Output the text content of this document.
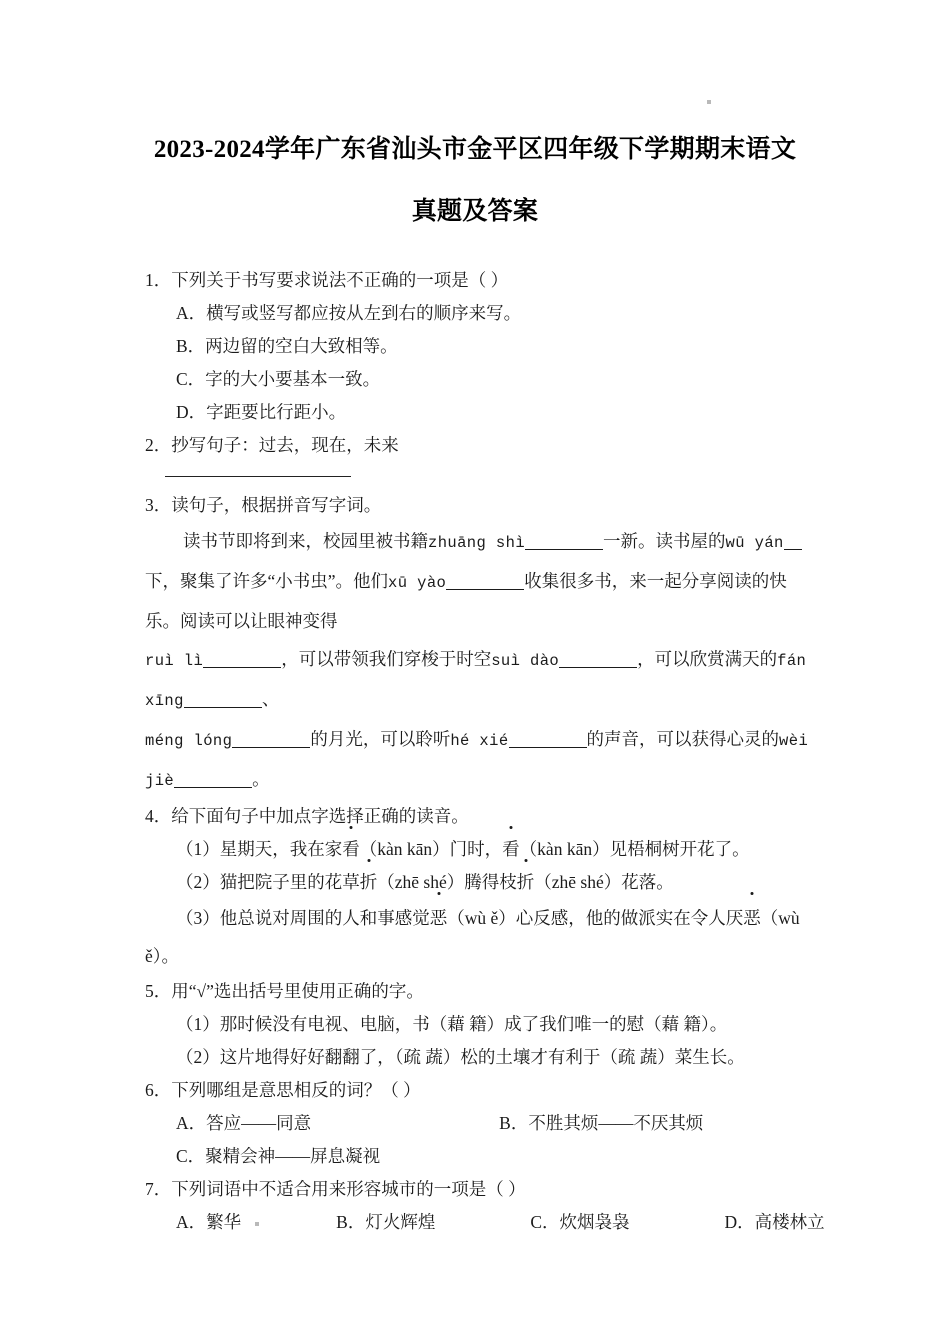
2023-2024学年广东省汕头市金平区四年级下学期期末语文
真题及答案
1．下列关于书写要求说法不正确的一项是（ ）
A．横写或竖写都应按从左到右的顺序来写。
B．两边留的空白大致相等。
C．字的大小要基本一致。
D．字距要比行距小。
2．抄写句子：过去，现在，未来
3．读句子，根据拼音写字词。
读书节即将到来，校园里被书籍zhuāng shì	一新。读书屋的wū yán
下，聚集了许多“小书虫”。他们xū yào	收集很多书，来一起分享阅读的快
乐。阅读可以让眼神变得
ruì lì	，可以带领我们穿梭于时空suì dào	，可以欣赏满天的fán
xīng	、
méng lóng	的月光，可以聆听hé xié	的声音，可以获得心灵的wèi
jiè	。
4．给下面句子中加点字选择正确的读音。
（1）星期天，我在家看（kàn kān）门时，看（kàn kān）见梧桐树开花了。
（2）猫把院子里的花草折（zhē shé）腾得枝折（zhē shé）花落。
（3）他总说对周围的人和事感觉恶（wù ě）心反感，他的做派实在令人厌恶（wù
ě）。
5．用“√”选出括号里使用正确的字。
（1）那时候没有电视、电脑，书（藉 籍）成了我们唯一的慰（藉 籍）。
（2）这片地得好好翻翻了，（疏 蔬）松的土壤才有利于（疏 蔬）菜生长。
6．下列哪组是意思相反的词？（ ）
A．答应——同意	B．不胜其烦——不厌其烦
C．聚精会神——屏息凝视
7．下列词语中不适合用来形容城市的一项是（ ）
A．繁华	B．灯火辉煌	C．炊烟袅袅	D．高楼林立
